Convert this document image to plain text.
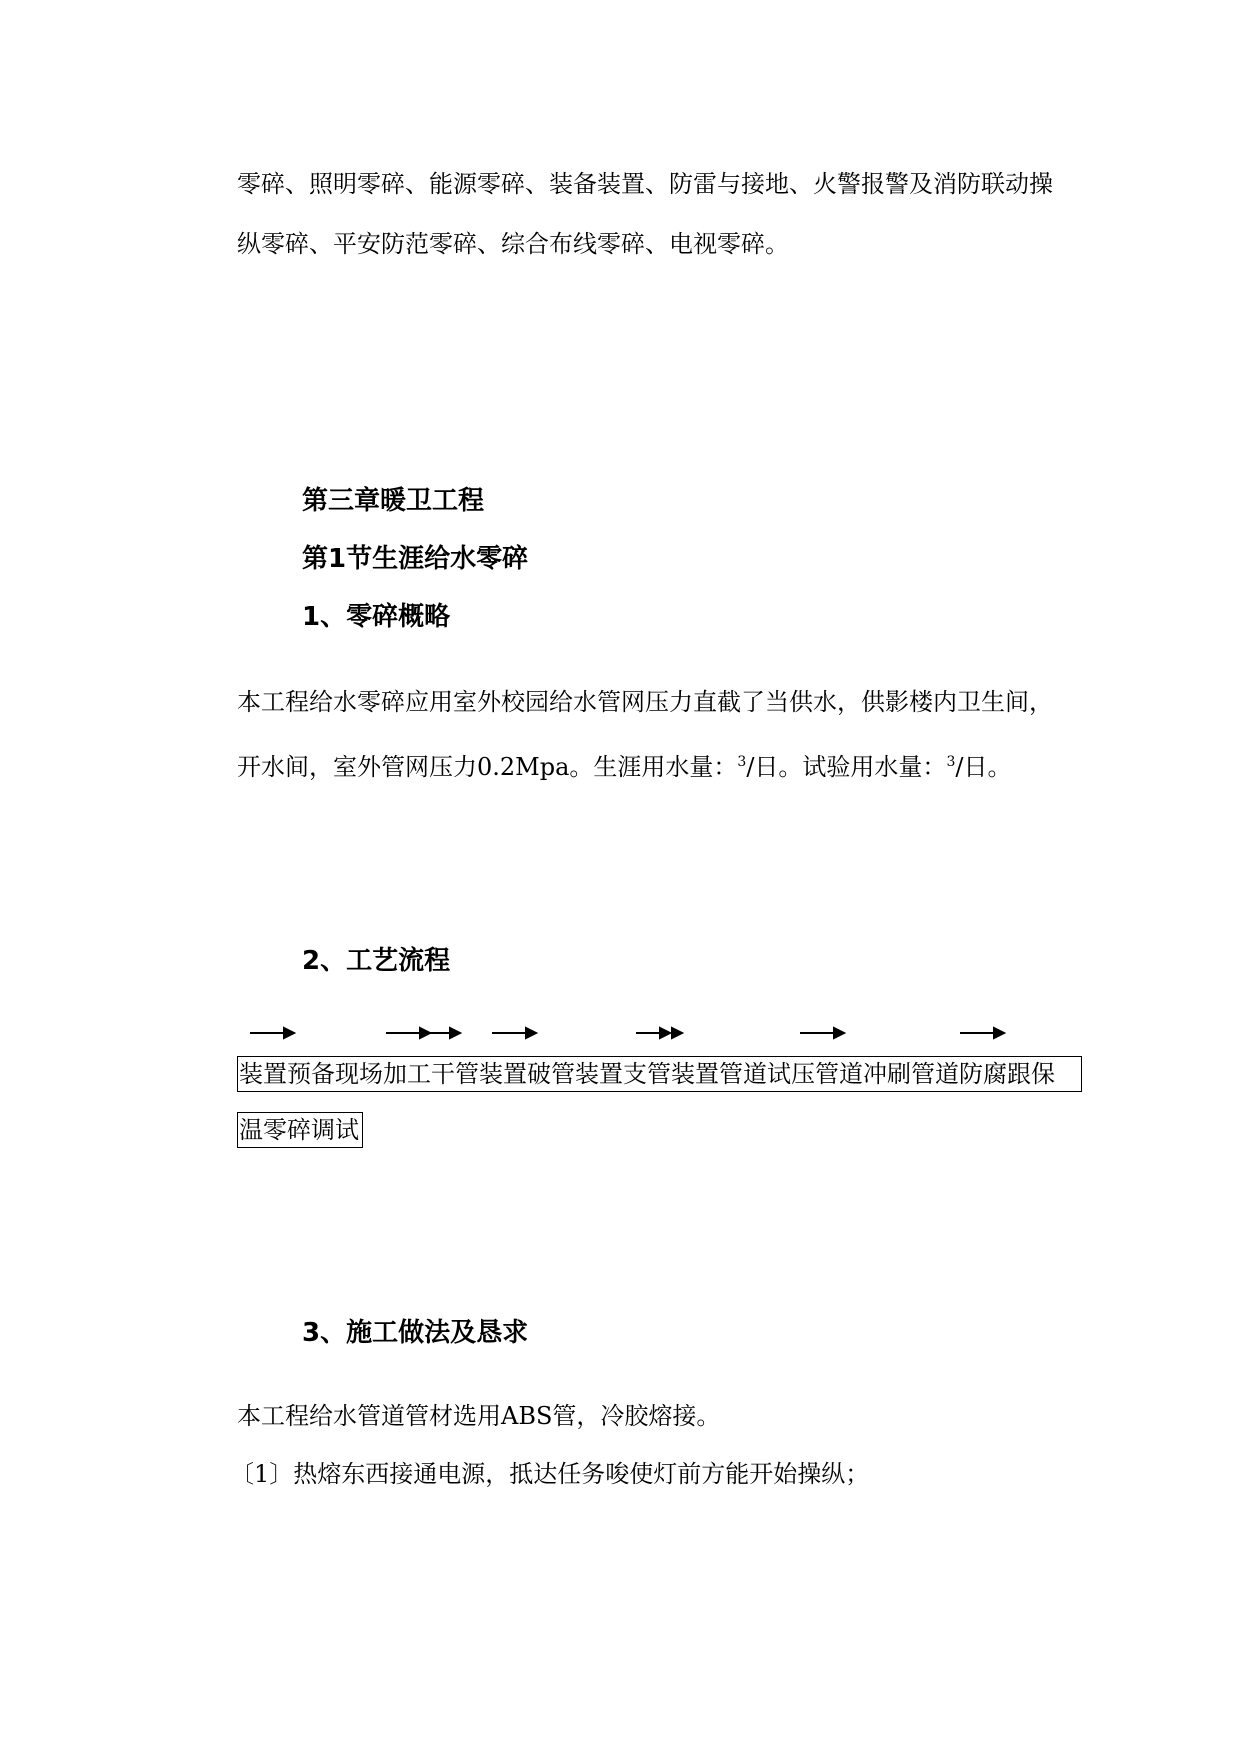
零碎、照明零碎、能源零碎、装备装置、防雷与接地、火警报警及消防联动操
纵零碎、平安防范零碎、综合布线零碎、电视零碎。
第三章暖卫工程
第1节生涯给水零碎
1、零碎概略
本工程给水零碎应用室外校园给水管网压力直截了当供水，供影楼内卫生间，
开水间，室外管网压力0.2Mpa。生涯用水量：$^3$/日。试验用水量：$^3$/日。
2、工艺流程
装置预备现场加工干管装置破管装置支管装置管道试压管道冲刷管道防腐跟保
温零碎调试
3、施工做法及恳求
本工程给水管道管材选用ABS管，冷胶熔接。
〔1〕热熔东西接通电源，抵达任务唆使灯前方能开始操纵；
